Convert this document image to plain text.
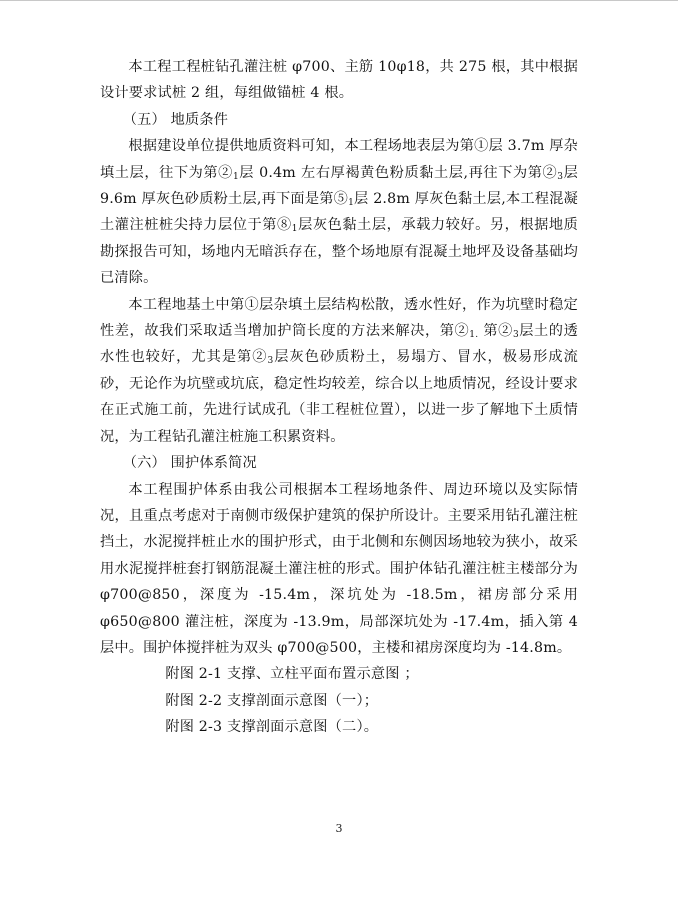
本工程工程桩钻孔灌注桩 φ700、主筋 10φ18，共 275 根，其中根据设计要求试桩 2 组，每组做锚桩 4 根。

（五） 地质条件

根据建设单位提供地质资料可知，本工程场地表层为第①层 3.7m 厚杂填土层，往下为第$②_1$层 0.4m 左右厚褐黄色粉质黏土层,再往下为第$②_3$层 9.6m 厚灰色砂质粉土层,再下面是第$⑤_1$层 2.8m 厚灰色黏土层,本工程混凝土灌注桩桩尖持力层位于第$⑧_1$层灰色黏土层，承载力较好。另，根据地质勘探报告可知，场地内无暗浜存在，整个场地原有混凝土地坪及设备基础均已清除。

本工程地基土中第①层杂填土层结构松散，透水性好，作为坑壁时稳定性差，故我们采取适当增加护筒长度的方法来解决，第$②_{1.}$ 第$②_3$层土的透水性也较好，尤其是第$②_3$层灰色砂质粉土，易塌方、冒水，极易形成流砂，无论作为坑壁或坑底，稳定性均较差，综合以上地质情况，经设计要求在正式施工前，先进行试成孔（非工程桩位置），以进一步了解地下土质情况，为工程钻孔灌注桩施工积累资料。

（六） 围护体系简况

本工程围护体系由我公司根据本工程场地条件、周边环境以及实际情况，且重点考虑对于南侧市级保护建筑的保护所设计。主要采用钻孔灌注桩挡土，水泥搅拌桩止水的围护形式，由于北侧和东侧因场地较为狭小，故采用水泥搅拌桩套打钢筋混凝土灌注桩的形式。围护体钻孔灌注桩主楼部分为 φ700@850，深度为 -15.4m，深坑处为 -18.5m，裙房部分采用 φ650@800 灌注桩，深度为 -13.9m，局部深坑处为 -17.4m，插入第 4 层中。围护体搅拌桩为双头 φ700@500，主楼和裙房深度均为 -14.8m。

附图 2-1 支撑、立柱平面布置示意图 ；

附图 2-2 支撑剖面示意图（一）；

附图 2-3 支撑剖面示意图（二）。

3
